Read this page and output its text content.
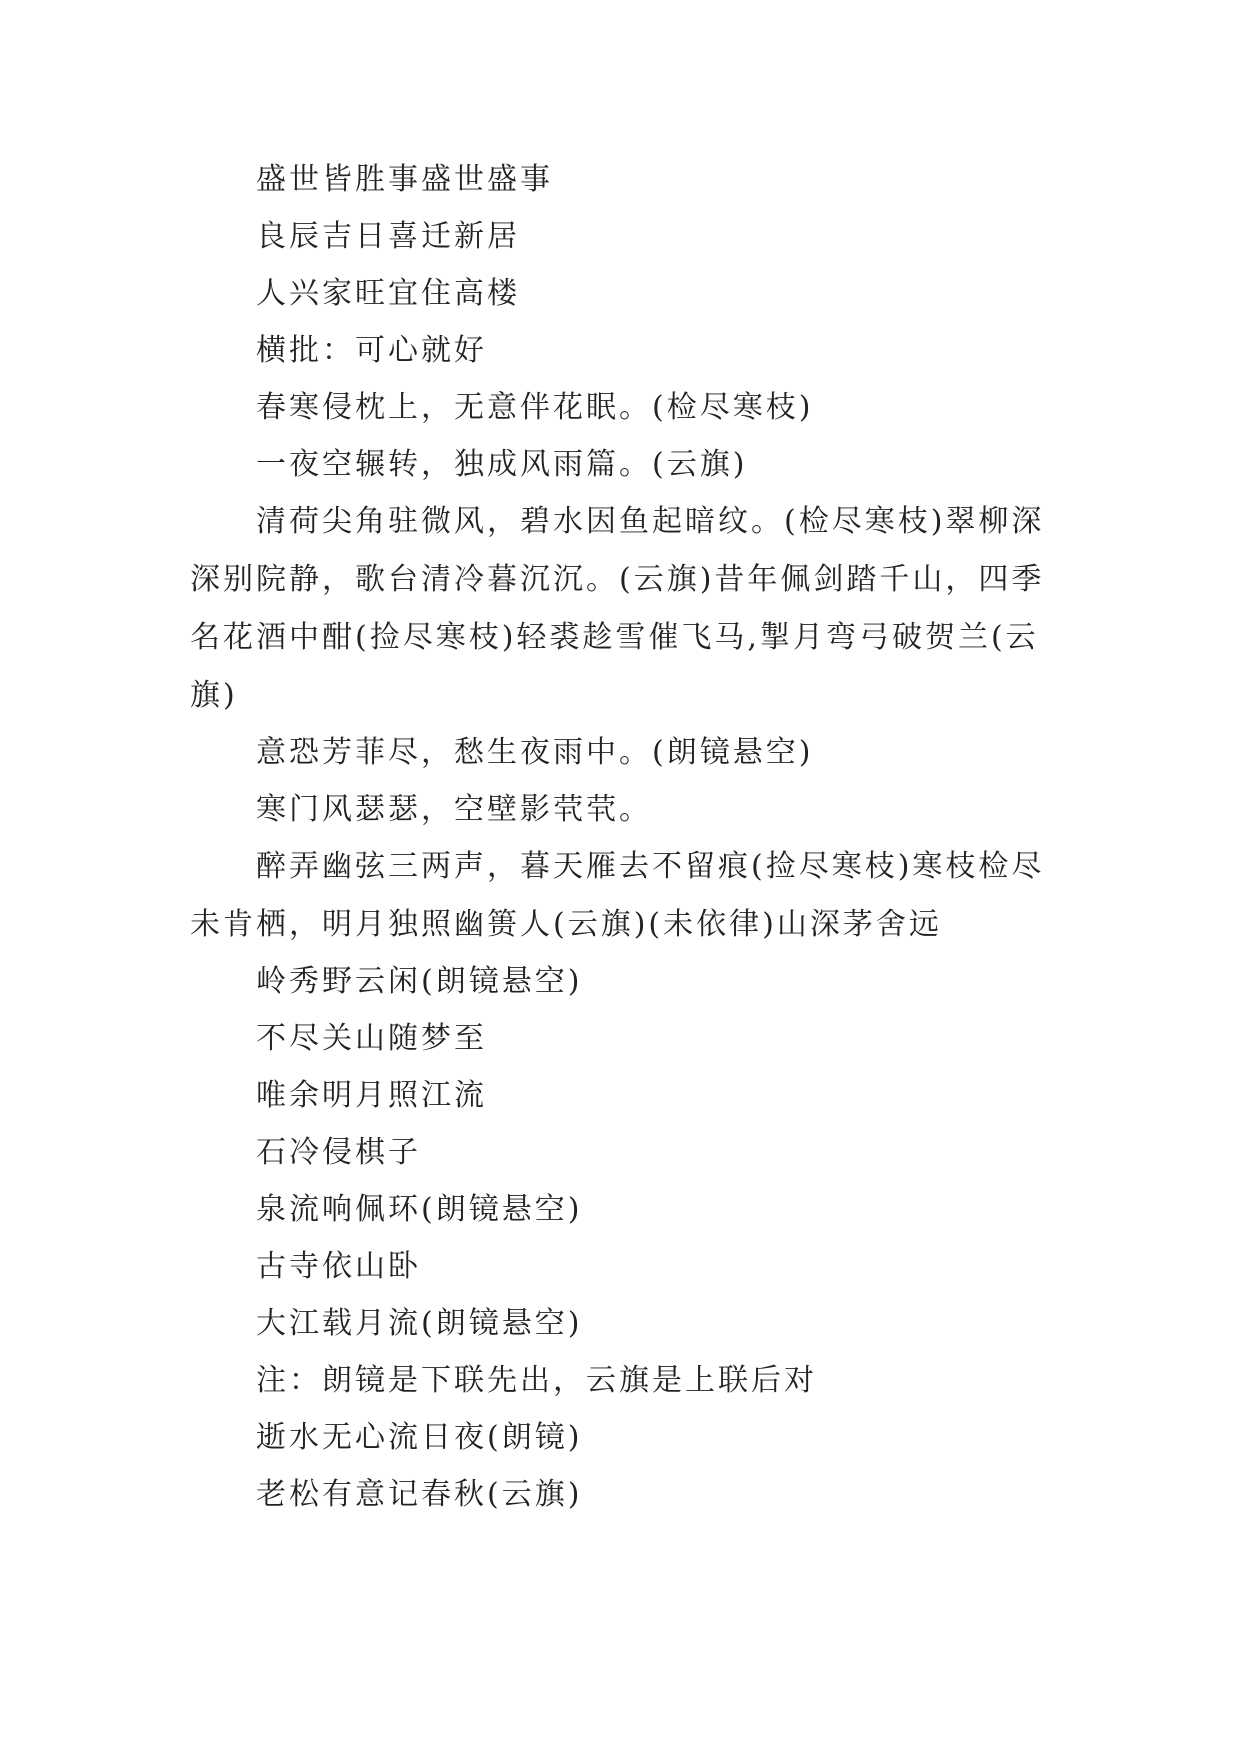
盛世皆胜事盛世盛事

良辰吉日喜迁新居

人兴家旺宜住高楼

横批：可心就好

春寒侵枕上，无意伴花眠。(检尽寒枝)

一夜空辗转，独成风雨篇。(云旗)

清荷尖角驻微风，碧水因鱼起暗纹。(检尽寒枝)翠柳深深别院静，歌台清冷暮沉沉。(云旗)昔年佩剑踏千山，四季名花酒中酣(捡尽寒枝)轻裘趁雪催飞马,掣月弯弓破贺兰(云旗)

意恐芳菲尽，愁生夜雨中。(朗镜悬空)

寒门风瑟瑟，空壁影茕茕。

醉弄幽弦三两声，暮天雁去不留痕(捡尽寒枝)寒枝检尽未肯栖，明月独照幽篑人(云旗)(未依律)山深茅舍远

岭秀野云闲(朗镜悬空)

不尽关山随梦至

唯余明月照江流

石冷侵棋子

泉流响佩环(朗镜悬空)

古寺依山卧

大江载月流(朗镜悬空)

注：朗镜是下联先出，云旗是上联后对

逝水无心流日夜(朗镜)

老松有意记春秋(云旗)
